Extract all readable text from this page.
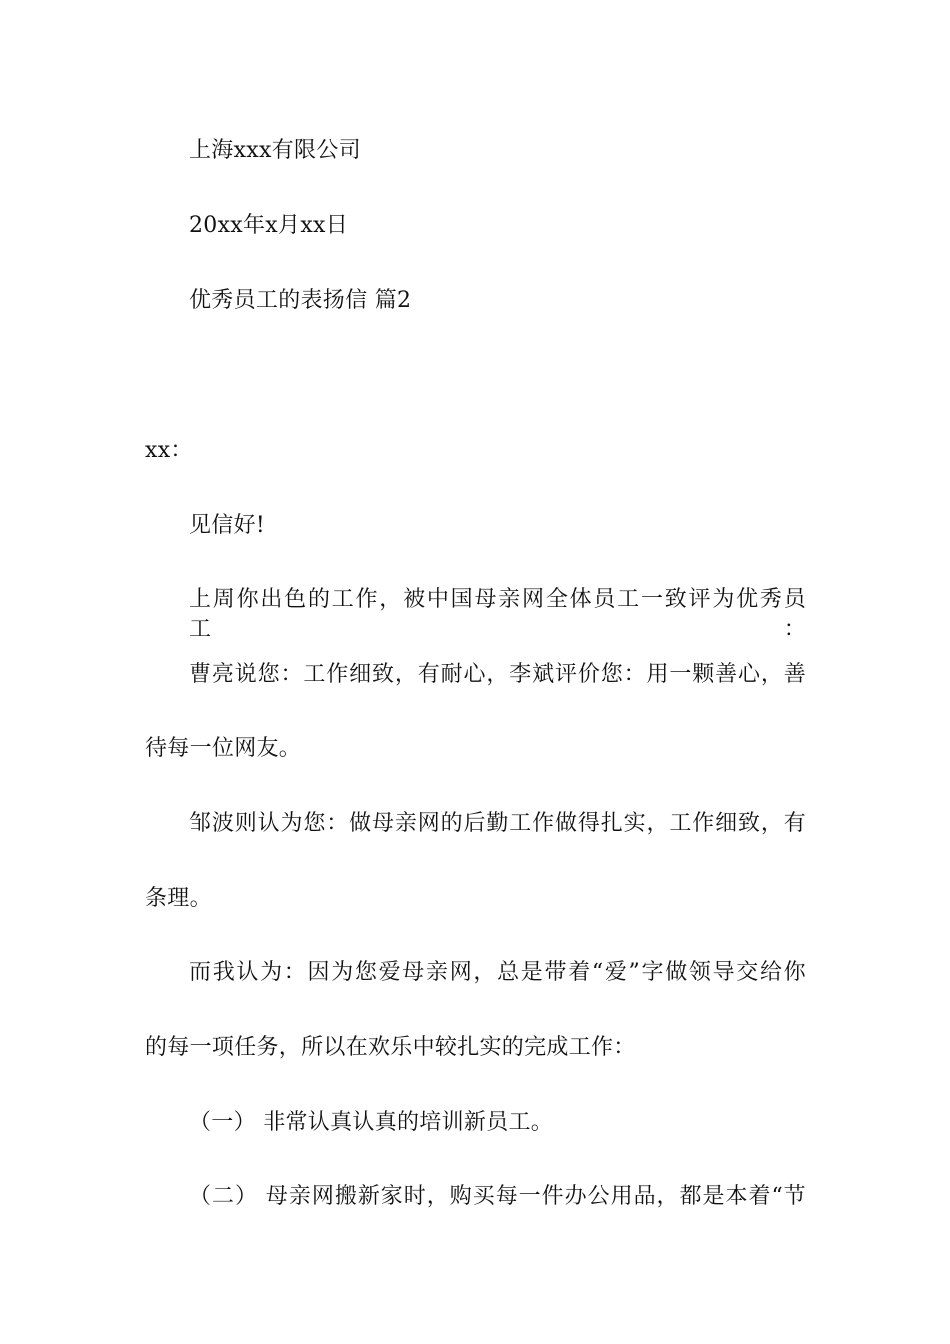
上海xxx有限公司
20xx年x月xx日
优秀员工的表扬信 篇2
xx：
见信好!
上周你出色的工作，被中国母亲网全体员工一致评为优秀员工：
曹亮说您：工作细致，有耐心，李斌评价您：用一颗善心，善
待每一位网友。
邹波则认为您：做母亲网的后勤工作做得扎实，工作细致，有
条理。
而我认为：因为您爱母亲网，总是带着“爱”字做领导交给你
的每一项任务，所以在欢乐中较扎实的完成工作：
（一） 非常认真认真的培训新员工。
（二） 母亲网搬新家时，购买每一件办公用品，都是本着“节
